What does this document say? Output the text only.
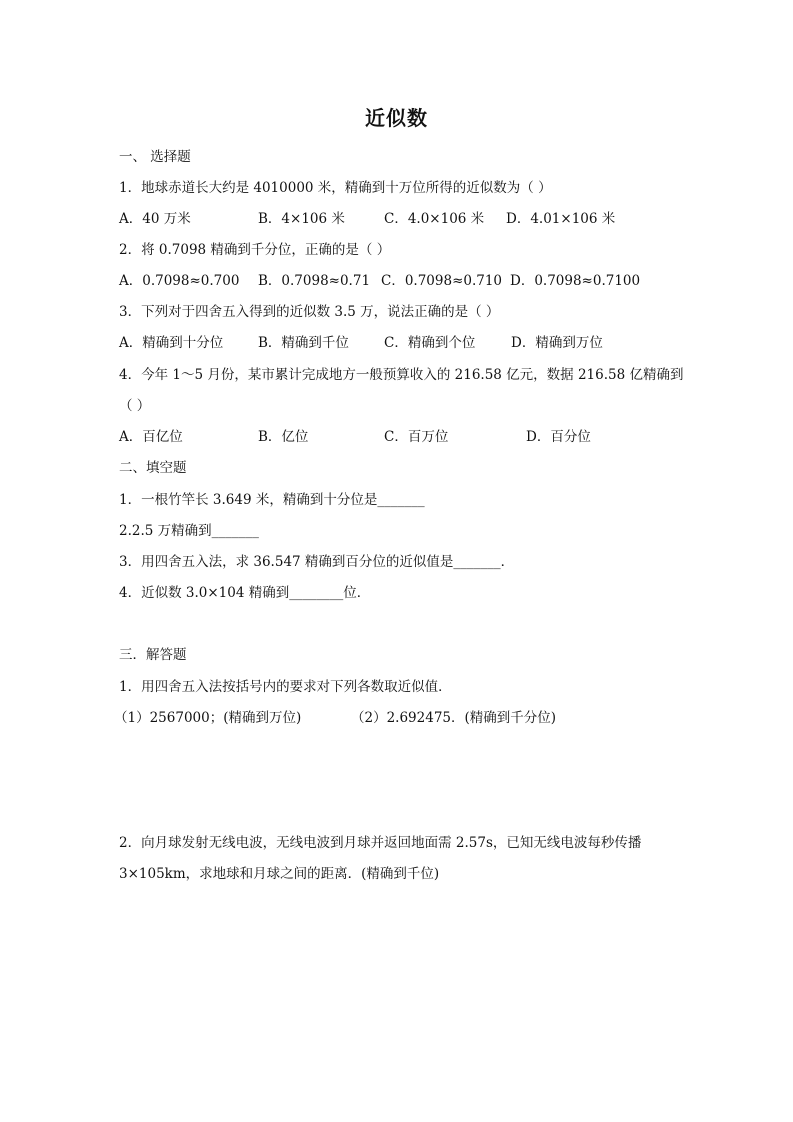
近似数
一、 选择题
1．地球赤道长大约是 4010000 米，精确到十万位所得的近似数为（ ）
A．40 万米	B．4×106 米	C．4.0×106 米 D．4.01×106 米
2．将 0.7098 精确到千分位，正确的是（ ）
A．0.7098≈0.700 B．0.7098≈0.71 C．0.7098≈0.710 D．0.7098≈0.7100
3．下列对于四舍五入得到的近似数 3.5 万，说法正确的是（ ）
A．精确到十分位	B．精确到千位	C．精确到个位	D．精确到万位
4．今年 1～5 月份，某市累计完成地方一般预算收入的 216.58 亿元，数据 216.58 亿精确到
（ ）
A．百亿位	B．亿位	C．百万位	D．百分位
二、填空题
1．一根竹竿长 3.649 米，精确到十分位是_______
2.2.5 万精确到_______
3．用四舍五入法，求 36.547 精确到百分位的近似值是_______．
4．近似数 3.0×104 精确到________位．
三．解答题
1．用四舍五入法按括号内的要求对下列各数取近似值．
（1）2567000；(精确到万位)	（2）2.692475．(精确到千分位)
2．向月球发射无线电波，无线电波到月球并返回地面需 2.57s，已知无线电波每秒传播
3×105km，求地球和月球之间的距离．(精确到千位)
